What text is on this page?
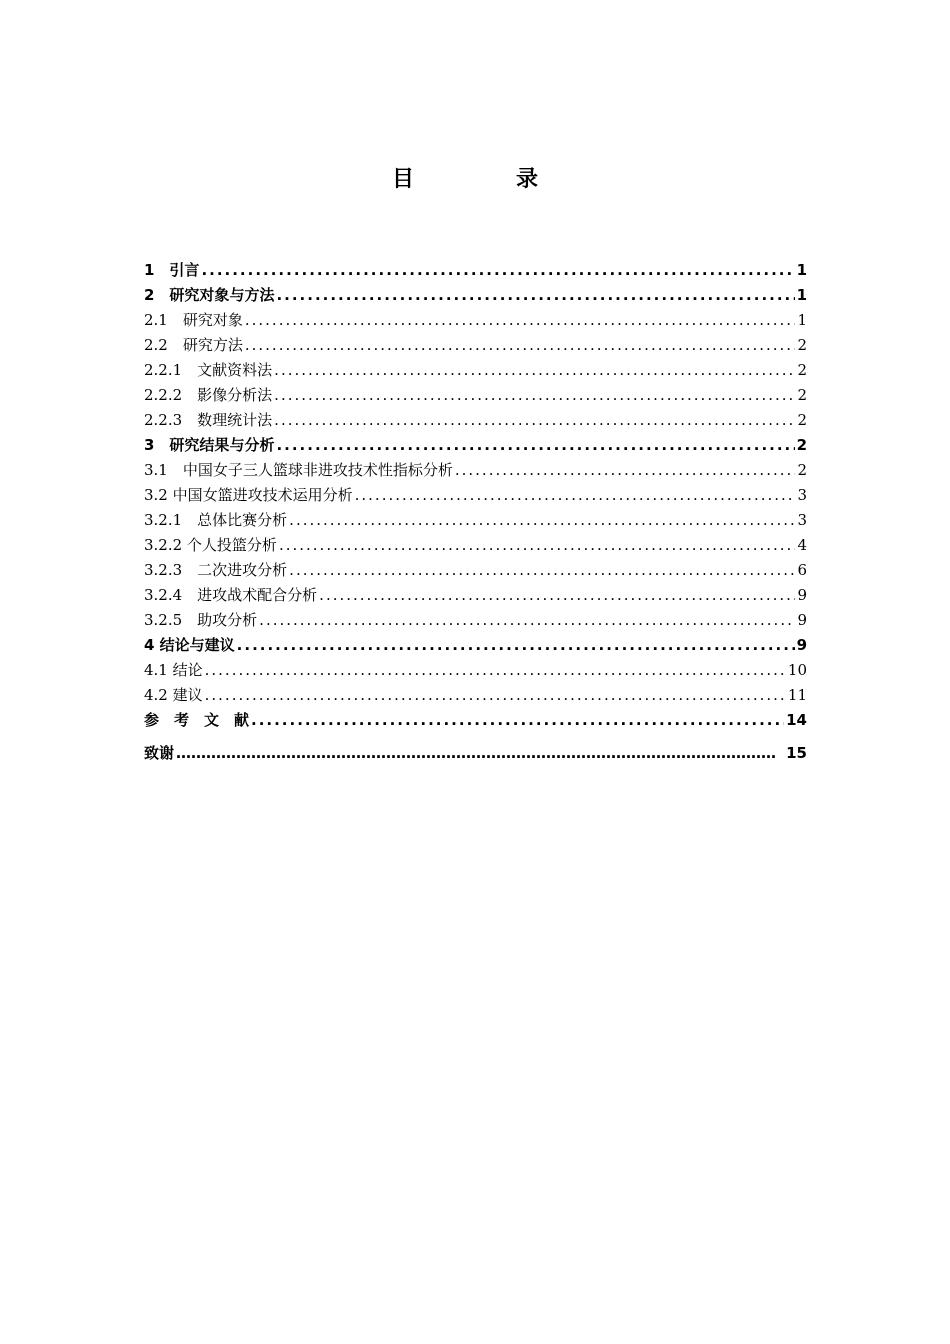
目　录
1　引言 .....	1
2　研究对象与方法 .....	1
2.1　研究对象 .....	1
2.2　研究方法 .....	2
2.2.1　文献资料法 .....	2
2.2.2　影像分析法 .....	2
2.2.3　数理统计法 .....	2
3　研究结果与分析 .....	2
3.1　中国女子三人篮球非进攻技术性指标分析 .....	2
3.2 中国女篮进攻技术运用分析 .....	3
3.2.1　总体比赛分析 .....	3
3.2.2 个人投篮分析 .....	4
3.2.3　二次进攻分析 .....	6
3.2.4　进攻战术配合分析 .....	9
3.2.5　助攻分析 .....	9
4 结论与建议 .....	9
4.1 结论 .....	10
4.2 建议 .....	11
参　考　文　献 .....	14
致谢 ……………………………………………………………………………………………………………………………………………………………………………………………………	15
